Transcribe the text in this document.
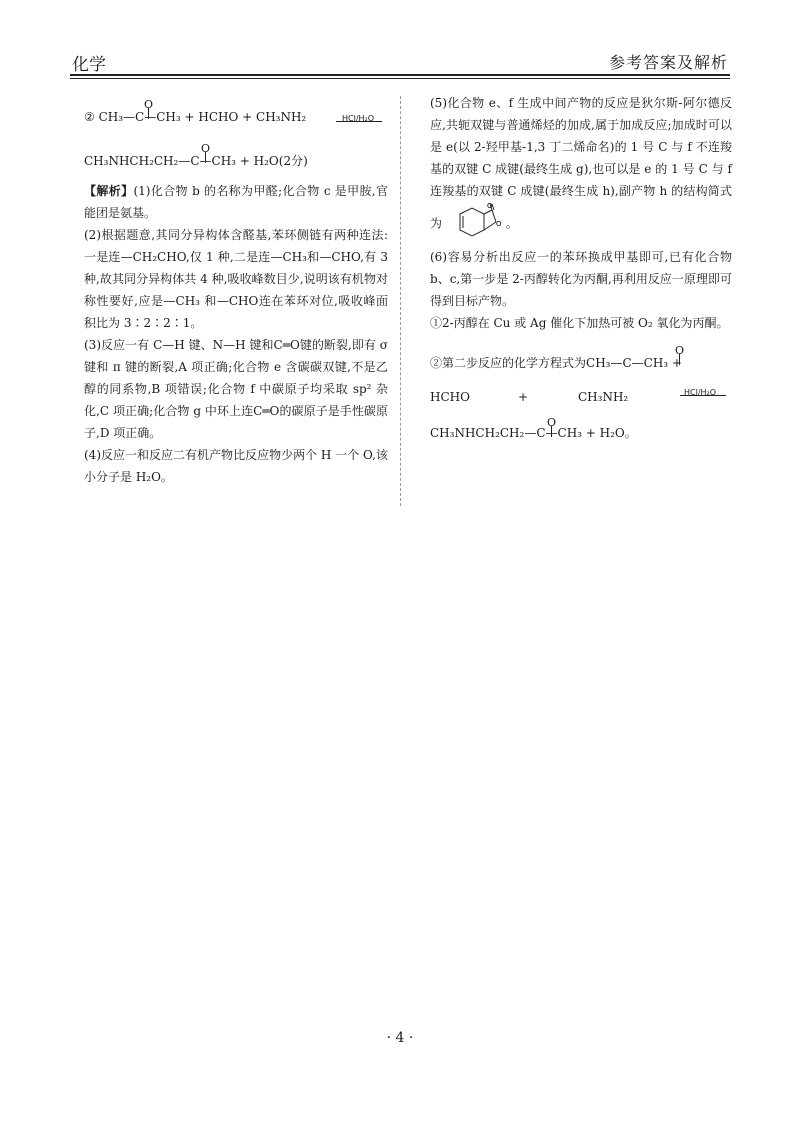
化学	参考答案及解析
O
② CH₃—C—CH₃ + HCHO + CH₃NH₂	HCl/H₂O
O
CH₃NHCH₂CH₂—C—CH₃ + H₂O(2分)

【解析】(1)化合物 b 的名称为甲醛;化合物 c 是甲胺,官能团是氨基。

(2)根据题意,其同分异构体含醛基,苯环侧链有两种连法:一是连—CH₂CHO,仅 1 种,二是连—CH₃和—CHO,有 3 种,故其同分异构体共 4 种,吸收峰数目少,说明该有机物对称性要好,应是—CH₃ 和—CHO连在苯环对位,吸收峰面积比为 3∶2∶2∶1。

(3)反应一有 C—H 键、N—H 键和C═O键的断裂,即有 σ键和 π 键的断裂,A 项正确;化合物 e 含碳碳双键,不是乙醇的同系物,B 项错误;化合物 f 中碳原子均采取 sp² 杂化,C 项正确;化合物 g 中环上连C═O的碳原子是手性碳原子,D 项正确。

(4)反应一和反应二有机产物比反应物少两个 H 一个 O,该小分子是 H₂O。

(5)化合物 e、f 生成中间产物的反应是狄尔斯-阿尔德反应,共轭双键与普通烯烃的加成,属于加成反应;加成时可以是 e(以 2-羟甲基-1,3 丁二烯命名)的 1 号 C 与 f 不连羧基的双键 C 成键(最终生成 g),也可以是 e 的 1 号 C 与 f 连羧基的双键 C 成键(最终生成 h),副产物 h 的结构简式为
O
O 。

(6)容易分析出反应一的苯环换成甲基即可,已有化合物 b、c,第一步是 2-丙醇转化为丙酮,再利用反应一原理即可得到目标产物。

①2-丙醇在 Cu 或 Ag 催化下加热可被 O₂ 氧化为丙酮。

O
②第二步反应的化学方程式为CH₃—C—CH₃ +
HCHO	+	CH₃NH₂	HCl/H₂O
O
CH₃NHCH₂CH₂—C—CH₃ + H₂O。
· 4 ·
